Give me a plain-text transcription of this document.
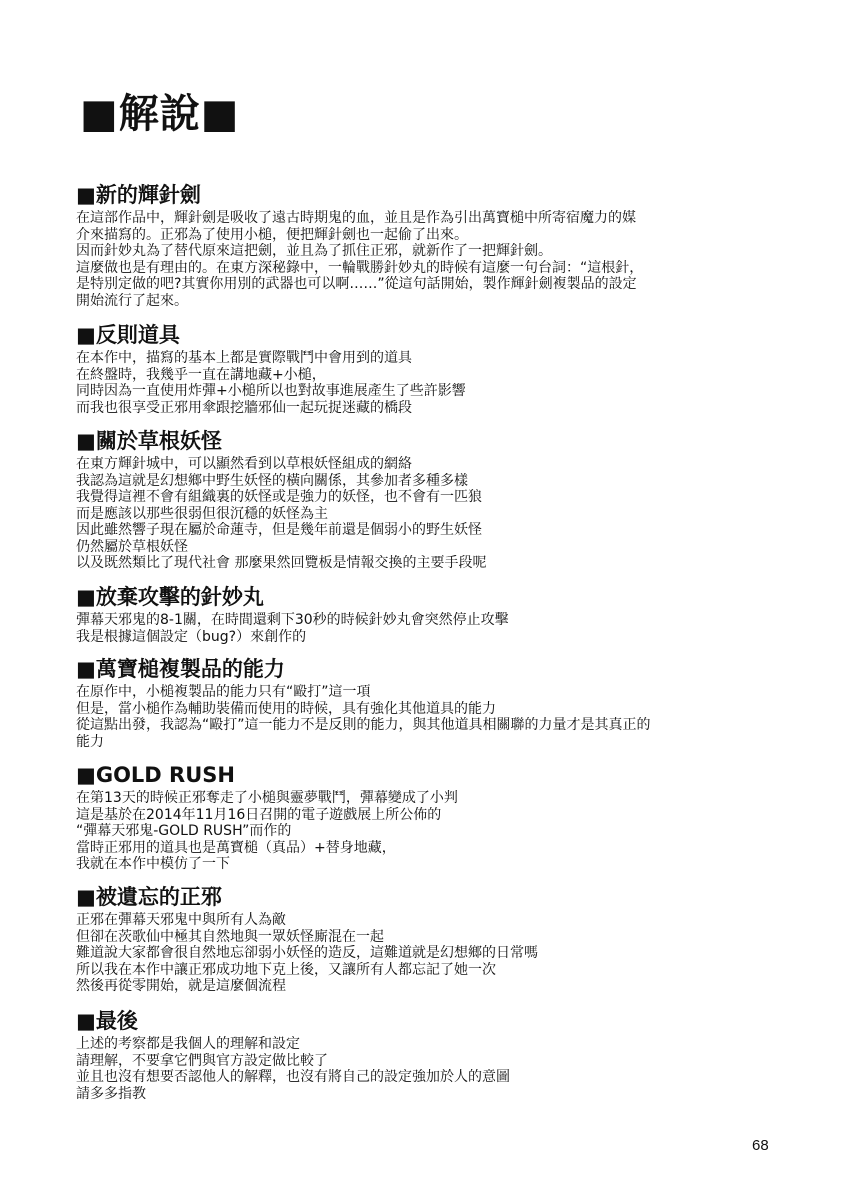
■解說■
■新的輝針劍
在這部作品中，輝針劍是吸收了遠古時期鬼的血，並且是作為引出萬寶槌中所寄宿魔力的媒
介來描寫的。正邪為了使用小槌，便把輝針劍也一起偷了出來。
因而針妙丸為了替代原來這把劍，並且為了抓住正邪，就新作了一把輝針劍。
這麼做也是有理由的。在東方深秘錄中，一輪戰勝針妙丸的時候有這麼一句台詞：“這根針，
是特別定做的吧?其實你用別的武器也可以啊……”從這句話開始，製作輝針劍複製品的設定
開始流行了起來。
■反則道具
在本作中，描寫的基本上都是實際戰鬥中會用到的道具
在終盤時，我幾乎一直在講地藏+小槌，
同時因為一直使用炸彈+小槌所以也對故事進展產生了些許影響
而我也很享受正邪用傘跟挖牆邪仙一起玩捉迷藏的橋段
■關於草根妖怪
在東方輝針城中，可以顯然看到以草根妖怪組成的網絡
我認為這就是幻想鄉中野生妖怪的橫向關係，其參加者多種多樣
我覺得這裡不會有組織裏的妖怪或是強力的妖怪，也不會有一匹狼
而是應該以那些很弱但很沉穩的妖怪為主
因此雖然響子現在屬於命蓮寺，但是幾年前還是個弱小的野生妖怪
仍然屬於草根妖怪
以及既然類比了現代社會 那麼果然回覽板是情報交換的主要手段呢
■放棄攻擊的針妙丸
彈幕天邪鬼的8-1關，在時間還剩下30秒的時候針妙丸會突然停止攻擊
我是根據這個設定（bug?）來創作的
■萬寶槌複製品的能力
在原作中，小槌複製品的能力只有“毆打”這一項
但是，當小槌作為輔助裝備而使用的時候，具有強化其他道具的能力
從這點出發，我認為“毆打”這一能力不是反則的能力，與其他道具相關聯的力量才是其真正的
能力
■GOLD RUSH
在第13天的時候正邪奪走了小槌與靈夢戰鬥，彈幕變成了小判
這是基於在2014年11月16日召開的電子遊戲展上所公佈的
“彈幕天邪鬼-GOLD RUSH”而作的
當時正邪用的道具也是萬寶槌（真品）+替身地藏，
我就在本作中模仿了一下
■被遺忘的正邪
正邪在彈幕天邪鬼中與所有人為敵
但卻在茨歌仙中極其自然地與一眾妖怪廝混在一起
難道說大家都會很自然地忘卻弱小妖怪的造反，這難道就是幻想鄉的日常嗎
所以我在本作中讓正邪成功地下克上後，又讓所有人都忘記了她一次
然後再從零開始，就是這麼個流程
■最後
上述的考察都是我個人的理解和設定
請理解，不要拿它們與官方設定做比較了
並且也沒有想要否認他人的解釋，也沒有將自己的設定強加於人的意圖
請多多指教
68
